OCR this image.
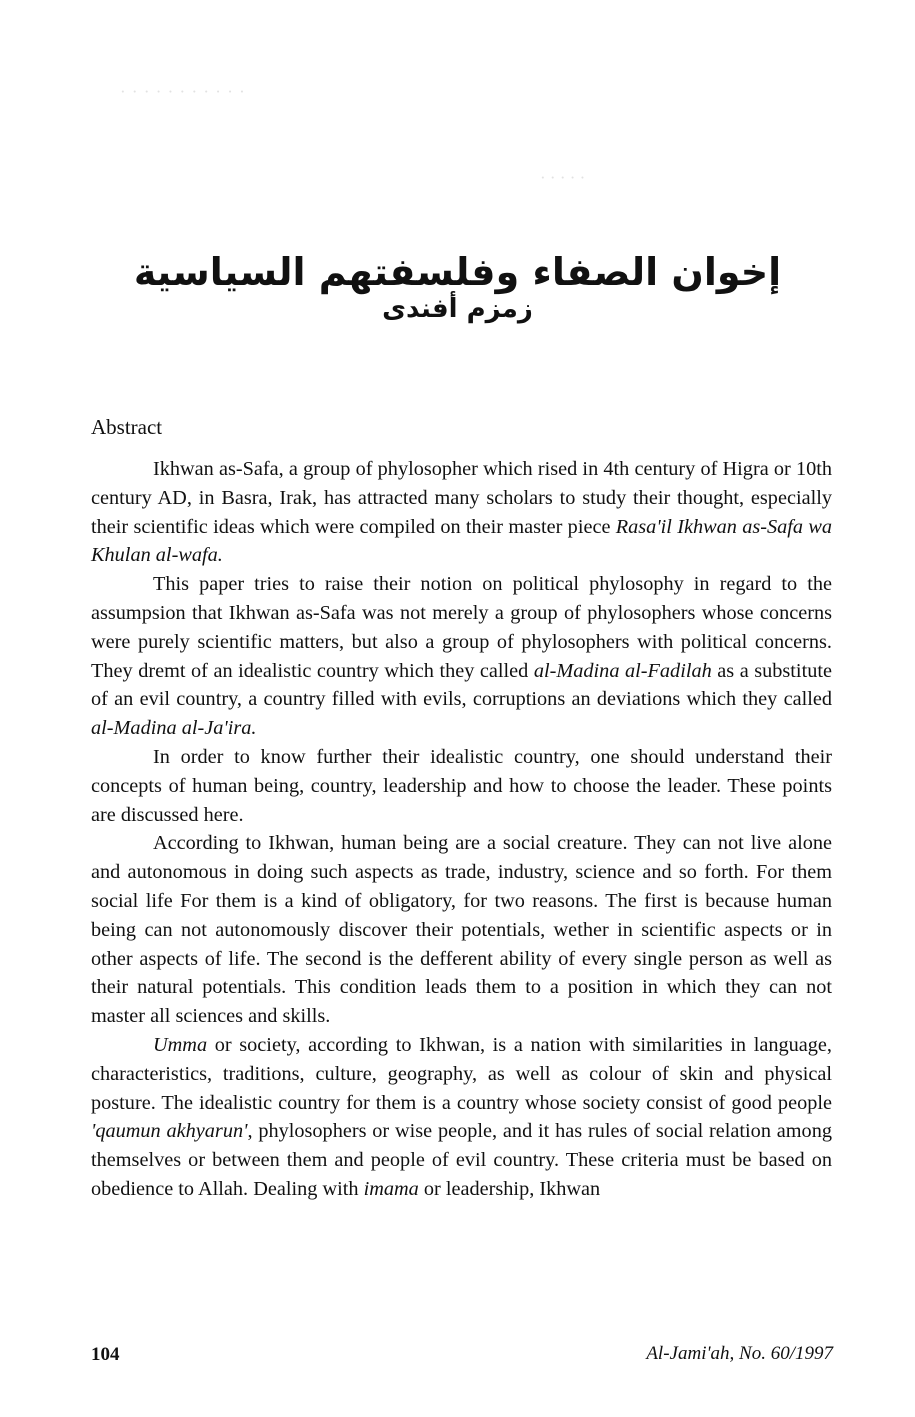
· · · · · · · · · · ·
· · · · ·
إخوان الصفاء وفلسفتهم السياسية
زمزم أفندى
Abstract

Ikhwan as-Safa, a group of phylosopher which rised in 4th century of Higra or 10th century AD, in Basra, Irak, has attracted many scholars to study their thought, especially their scientific ideas which were compiled on their master piece Rasa'il Ikhwan as-Safa wa Khulan al-wafa.

This paper tries to raise their notion on political phylosophy in regard to the assumpsion that Ikhwan as-Safa was not merely a group of phylosophers whose concerns were purely scientific matters, but also a group of phylosophers with political concerns. They dremt of an idealistic country which they called al-Madina al-Fadilah as a substitute of an evil country, a country filled with evils, corruptions an deviations which they called al-Madina al-Ja'ira.

In order to know further their idealistic country, one should understand their concepts of human being, country, leadership and how to choose the leader. These points are discussed here.

According to Ikhwan, human being are a social creature. They can not live alone and autonomous in doing such aspects as trade, industry, science and so forth. For them social life For them is a kind of obligatory, for two reasons. The first is because human being can not autonomously discover their potentials, wether in scientific aspects or in other aspects of life. The second is the defferent ability of every single person as well as their natural potentials. This condition leads them to a position in which they can not master all sciences and skills.

Umma or society, according to Ikhwan, is a nation with similarities in language, characteristics, traditions, culture, geography, as well as colour of skin and physical posture. The idealistic country for them is a country whose society consist of good people 'qaumun akhyarun', phylosophers or wise people, and it has rules of social relation among themselves or between them and people of evil country. These criteria must be based on obedience to Allah. Dealing with imama or leadership, Ikhwan

104	Al-Jami'ah, No. 60/1997
